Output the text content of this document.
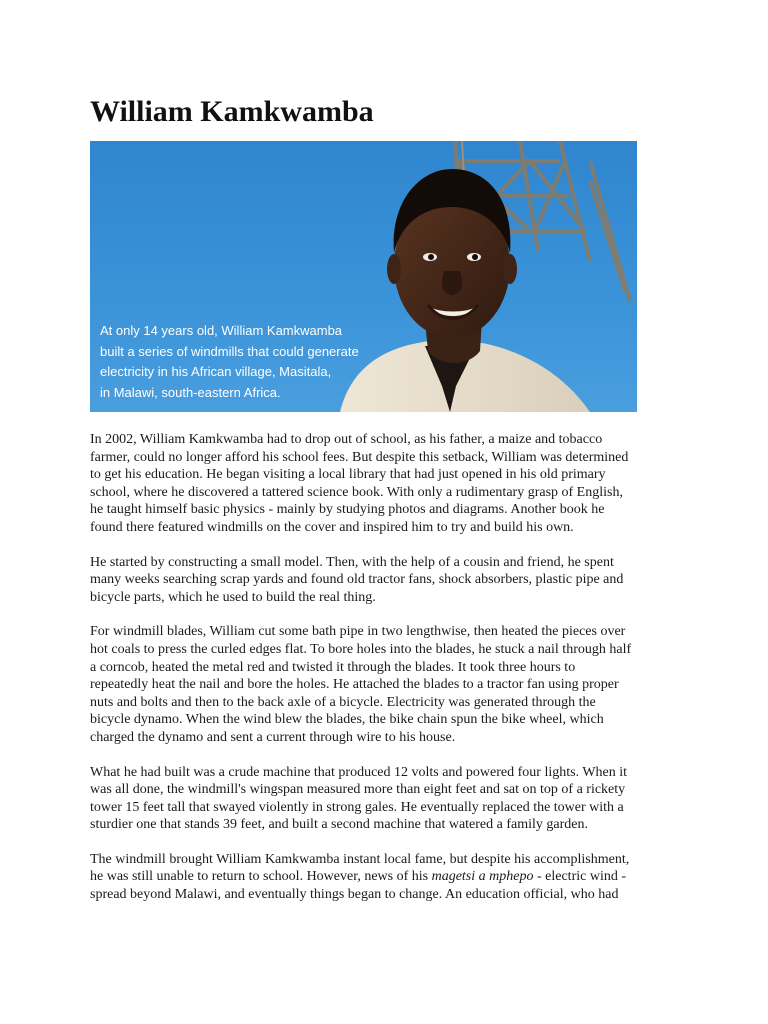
William Kamkwamba
At only 14 years old, William Kamkwamba
built a series of windmills that could generate
electricity in his African village, Masitala,
in Malawi, south-eastern Africa.

In 2002, William Kamkwamba had to drop out of school, as his father, a maize and tobacco
farmer, could no longer afford his school fees. But despite this setback, William was determined
to get his education. He began visiting a local library that had just opened in his old primary
school, where he discovered a tattered science book. With only a rudimentary grasp of English,
he taught himself basic physics - mainly by studying photos and diagrams. Another book he
found there featured windmills on the cover and inspired him to try and build his own.

He started by constructing a small model. Then, with the help of a cousin and friend, he spent
many weeks searching scrap yards and found old tractor fans, shock absorbers, plastic pipe and
bicycle parts, which he used to build the real thing.

For windmill blades, William cut some bath pipe in two lengthwise, then heated the pieces over
hot coals to press the curled edges flat. To bore holes into the blades, he stuck a nail through half
a corncob, heated the metal red and twisted it through the blades. It took three hours to
repeatedly heat the nail and bore the holes. He attached the blades to a tractor fan using proper
nuts and bolts and then to the back axle of a bicycle. Electricity was generated through the
bicycle dynamo. When the wind blew the blades, the bike chain spun the bike wheel, which
charged the dynamo and sent a current through wire to his house.

What he had built was a crude machine that produced 12 volts and powered four lights. When it
was all done, the windmill's wingspan measured more than eight feet and sat on top of a rickety
tower 15 feet tall that swayed violently in strong gales. He eventually replaced the tower with a
sturdier one that stands 39 feet, and built a second machine that watered a family garden.

The windmill brought William Kamkwamba instant local fame, but despite his accomplishment,
he was still unable to return to school. However, news of his magetsi a mphepo - electric wind -
spread beyond Malawi, and eventually things began to change. An education official, who had
